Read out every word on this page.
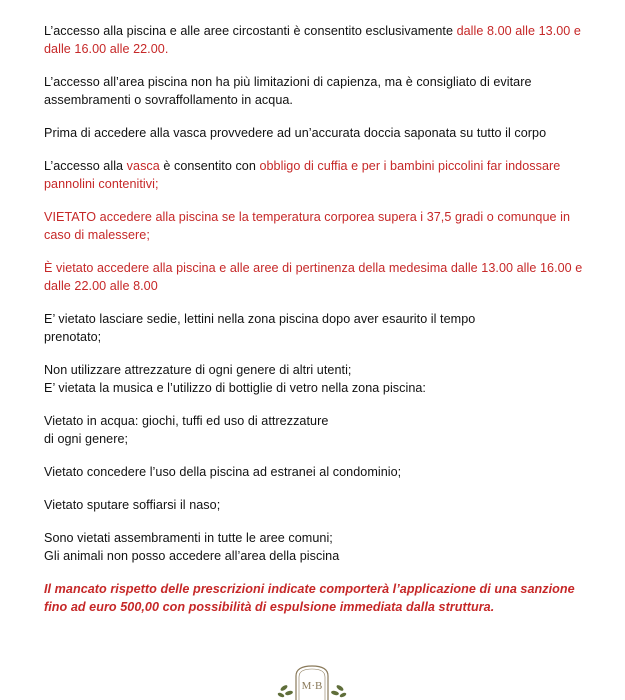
L’accesso alla piscina e alle aree circostanti è consentito esclusivamente dalle 8.00 alle 13.00 e dalle 16.00 alle 22.00.

L’accesso all’area piscina non ha più limitazioni di capienza, ma è consigliato di evitare assembramenti o sovraffollamento in acqua.

Prima di accedere alla vasca provvedere ad un’accurata doccia saponata su tutto il corpo

L’accesso alla vasca è consentito con obbligo di cuffia e per i bambini piccolini far indossare pannolini contenitivi;

VIETATO accedere alla piscina se la temperatura corporea supera i 37,5 gradi o comunque in caso di malessere;

È vietato accedere alla piscina e alle aree di pertinenza della medesima dalle 13.00 alle 16.00 e dalle 22.00 alle 8.00

E’ vietato lasciare sedie, lettini nella zona piscina dopo aver esaurito il tempo
prenotato;

Non utilizzare attrezzature di ogni genere di altri utenti;
E’ vietata la musica e l’utilizzo di bottiglie di vetro nella zona piscina:

Vietato in acqua: giochi, tuffi ed uso di attrezzature
di ogni genere;

Vietato concedere l’uso della piscina ad estranei al condominio;

Vietato sputare soffiarsi il naso;

Sono vietati assembramenti in tutte le aree comuni;
Gli animali non posso accedere all’area della piscina

Il mancato rispetto delle prescrizioni indicate comporterà l’applicazione di una sanzione fino ad euro 500,00 con possibilità di espulsione immediata dalla struttura.

M·B
